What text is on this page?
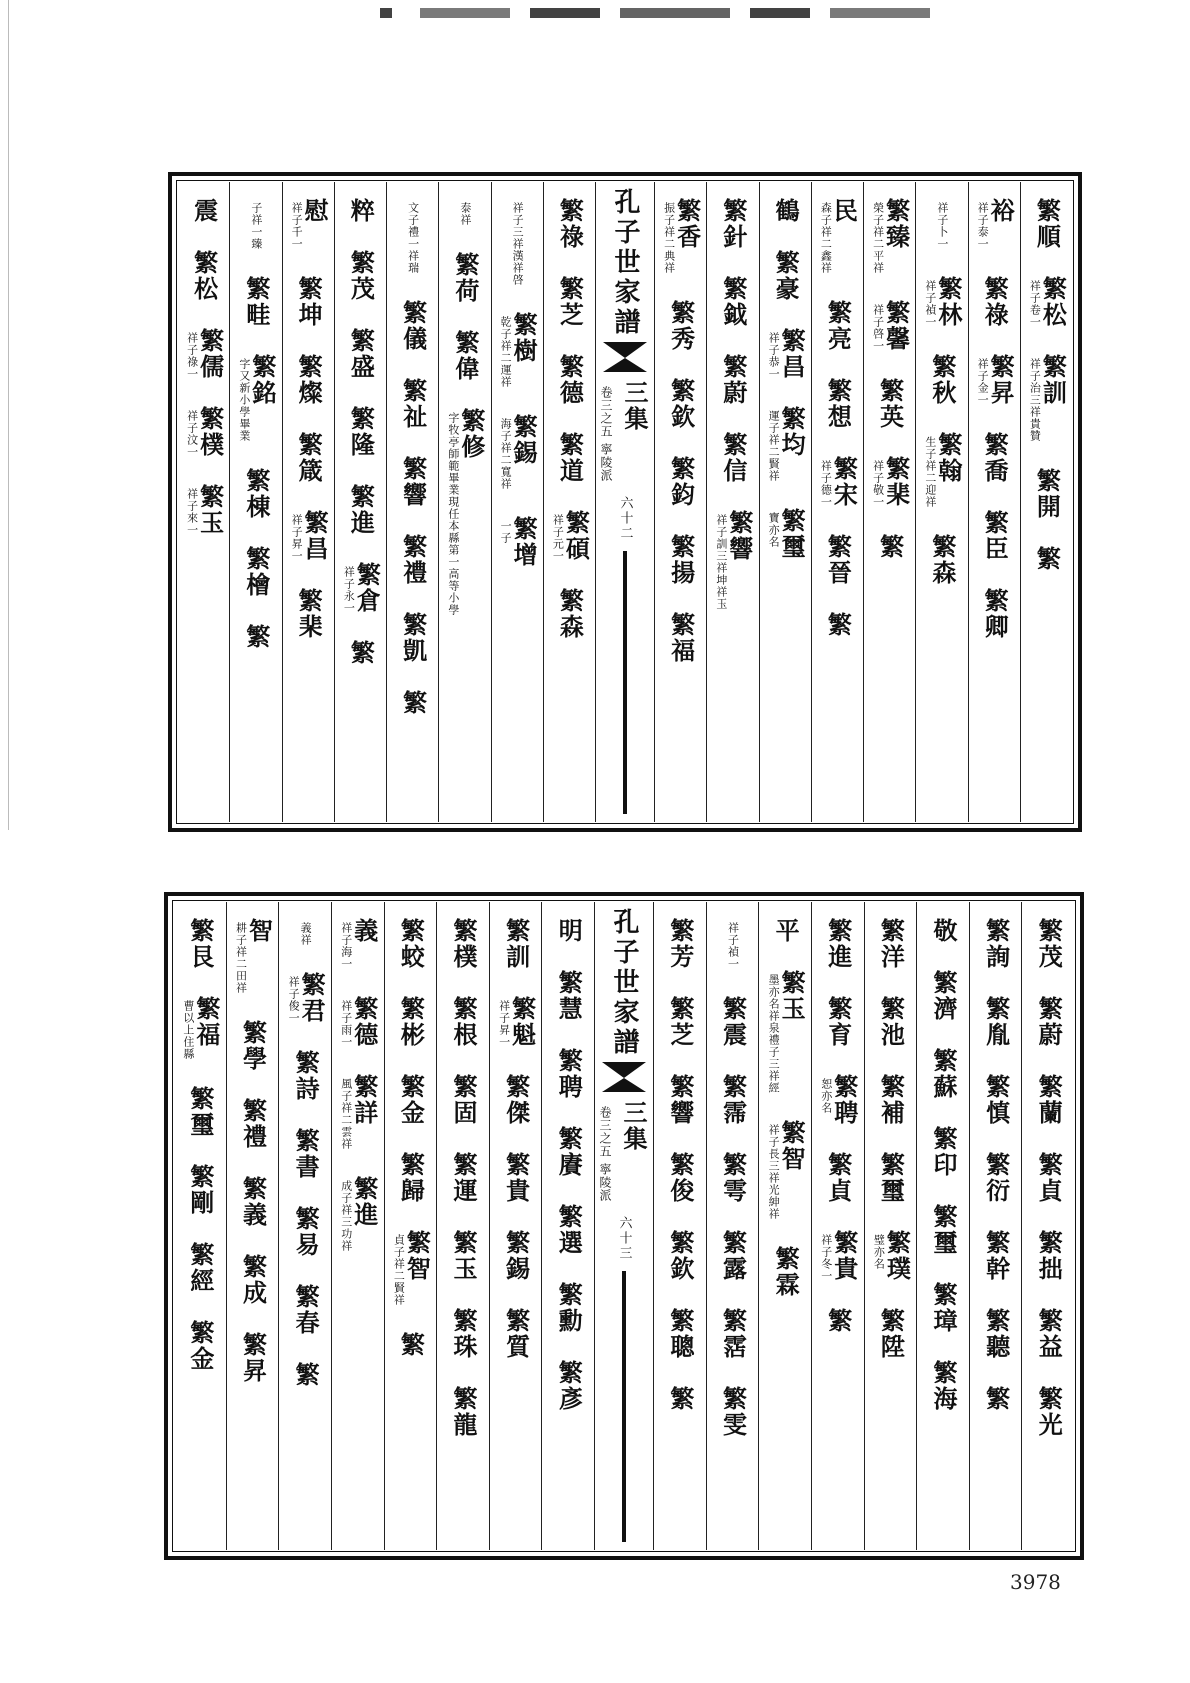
繁順
繁松
祥子卷一
繁訓
祥子治三祥貴贊
繁開
繁
裕
祥子泰一
繁祿
繁昇
祥子金一
繁喬
繁臣
繁卿
祥子卜一
繁林
祥子禎一
繁秋
繁翰
生子祥二迎祥
繁森
繁臻
榮子祥二平祥
繁馨
祥子啓一
繁英
繁棐
祥子敬一
繁
民
森子祥二鑫祥
繁亮
繁想
繁宋
祥子德一
繁晉
繁
鶴
繁豪
繁昌
祥子恭一
繁均
運子祥二賢祥
繁璽
寶亦名
繁針
繁鉞
繁蔚
繁信
繁響
祥子訓三祥坤祥玉
繁香
振子祥二典祥
繁秀
繁欽
繁鈞
繁揚
繁福
孔子世家譜
三集
卷三之五 寧陵派
六十二
繁祿
繁芝
繁德
繁道
繁碩
祥子元一
繁森
祥子三祥漢祥啓
繁樹
乾子祥二運祥
繁錫
海子祥二寬祥
繁增
一子
泰祥
繁荷
繁偉
繁修
字牧亭師範畢業現任本縣第一高等小學
文子禮一祥瑞
繁儀
繁祉
繁響
繁禮
繁凱
繁
粹
繁茂
繁盛
繁隆
繁進
繁倉
祥子永一
繁
慰
祥子千一
繁坤
繁燦
繁箴
繁昌
祥子昇一
繁棐
子祥一臻
繁畦
繁銘
字又新小學畢業
繁棟
繁檜
繁
震
繁松
繁儒
祥子祿一
繁樸
祥子汶一
繁玉
祥子來一
繁茂
繁蔚
繁蘭
繁貞
繁拙
繁益
繁光
繁詢
繁胤
繁慎
繁衍
繁幹
繁聽
繁
敬
繁濟
繁蘇
繁印
繁璽
繁璋
繁海
繁洋
繁池
繁補
繁璽
繁璞
璧亦名
繁陞
繁進
繁育
繁聘
恕亦名
繁貞
繁貴
祥子冬一
繁
平
繁玉
墨亦名祥泉禮子三祥經
繁智
祥子長三祥光紳祥
繁霖
祥子禎一
繁震
繁霈
繁雩
繁露
繁霑
繁雯
繁芳
繁芝
繁響
繁俊
繁欽
繁聰
繁
孔子世家譜
三集
卷三之五 寧陵派
六十三
明
繁慧
繁聘
繁賡
繁選
繁勳
繁彥
繁訓
繁魁
祥子昇一
繁傑
繁貴
繁錫
繁質
繁樸
繁根
繁固
繁運
繁玉
繁珠
繁龍
繁蛟
繁彬
繁金
繁歸
繁智
貞子祥二賢祥
繁
義
祥子海一
繁德
祥子雨一
繁詳
風子祥二雲祥
繁進
成子祥三功祥
義祥
繁君
祥子俊一
繁詩
繁書
繁易
繁春
繁
智
耕子祥二田祥
繁學
繁禮
繁義
繁成
繁昇
繁艮
繁福
曹以上住縣
繁璽
繁剛
繁經
繁金
3978
